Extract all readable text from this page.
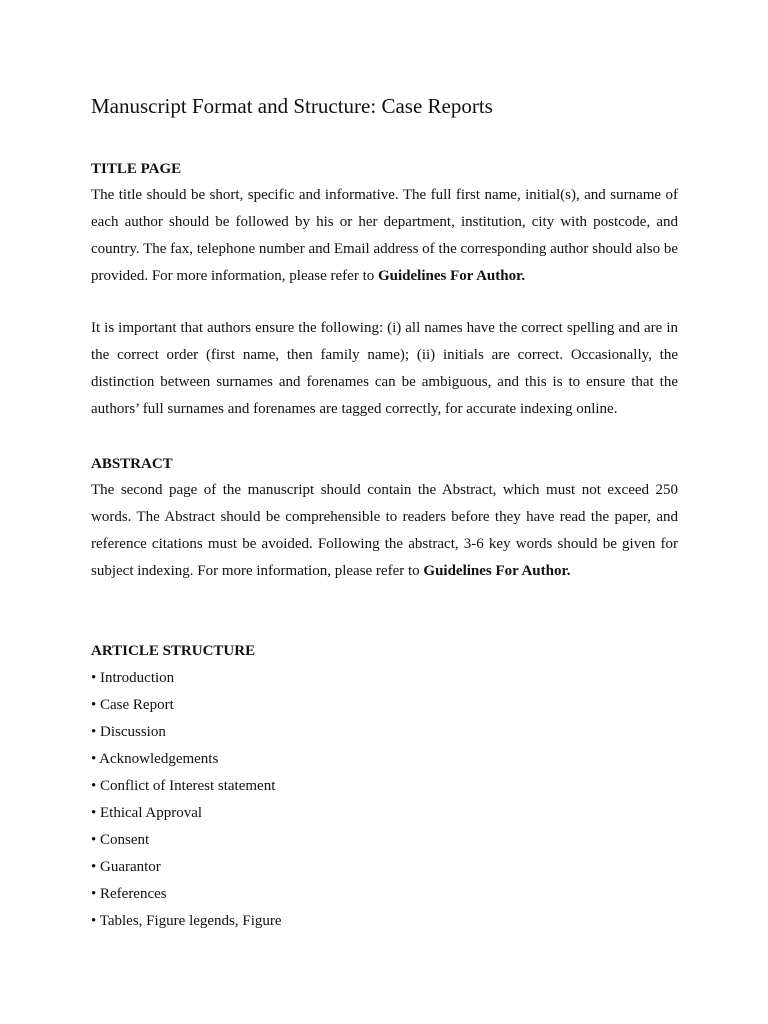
Manuscript Format and Structure: Case Reports
TITLE PAGE

The title should be short, specific and informative. The full first name, initial(s), and surname of each author should be followed by his or her department, institution, city with postcode, and country. The fax, telephone number and Email address of the corresponding author should also be provided. For more information, please refer to Guidelines For Author.

It is important that authors ensure the following: (i) all names have the correct spelling and are in the correct order (first name, then family name); (ii) initials are correct. Occasionally, the distinction between surnames and forenames can be ambiguous, and this is to ensure that the authors’ full surnames and forenames are tagged correctly, for accurate indexing online.

ABSTRACT

The second page of the manuscript should contain the Abstract, which must not exceed 250 words. The Abstract should be comprehensible to readers before they have read the paper, and reference citations must be avoided. Following the abstract, 3-6 key words should be given for subject indexing. For more information, please refer to Guidelines For Author.

ARTICLE STRUCTURE
• Introduction
• Case Report
• Discussion
• Acknowledgements
• Conflict of Interest statement
• Ethical Approval
• Consent
• Guarantor
• References
• Tables, Figure legends, Figure
